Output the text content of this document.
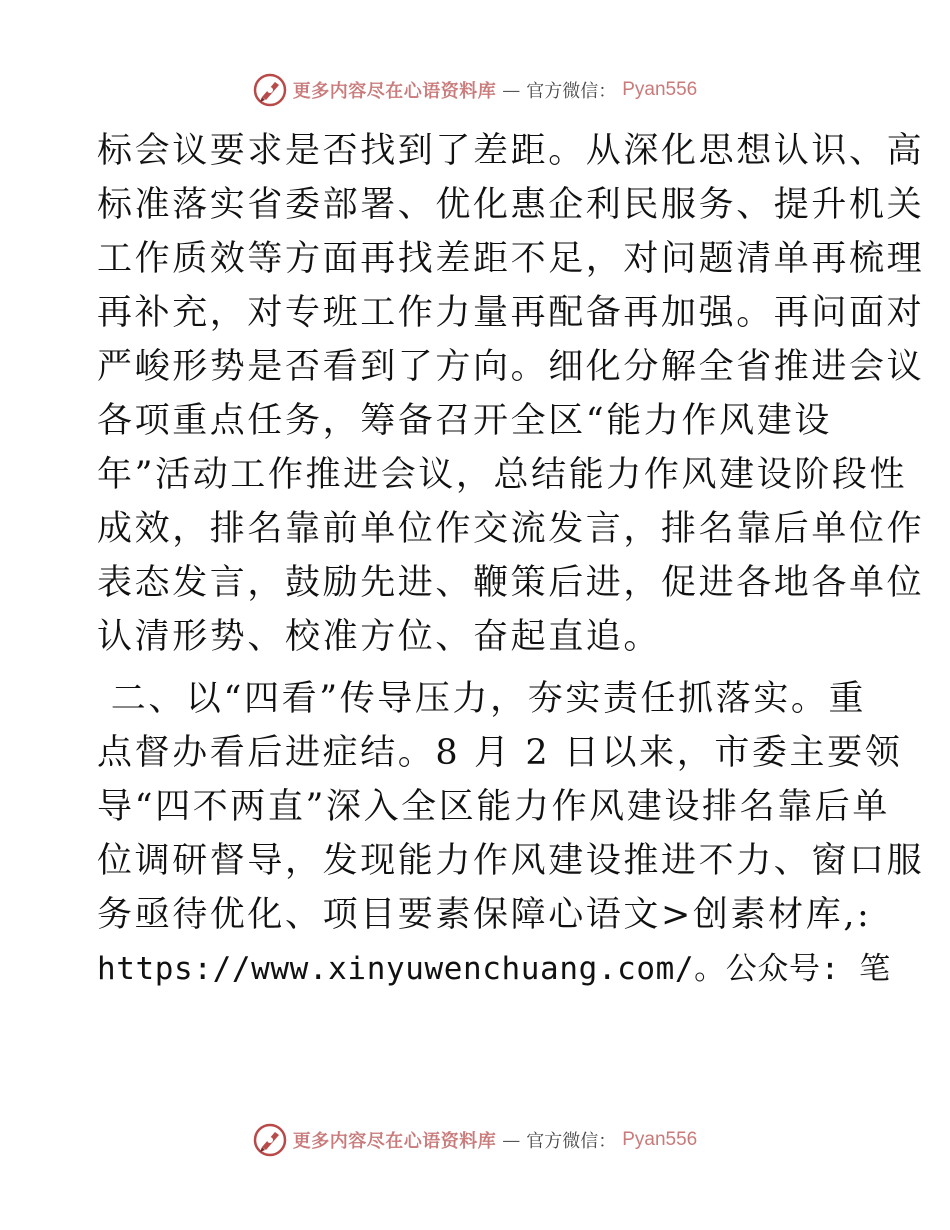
更多内容尽在心语资料库 — 官方微信： Pyan556
标会议要求是否找到了差距。从深化思想认识、高
标准落实省委部署、优化惠企利民服务、提升机关
工作质效等方面再找差距不足，对问题清单再梳理
再补充，对专班工作力量再配备再加强。再问面对
严峻形势是否看到了方向。细化分解全省推进会议
各项重点任务，筹备召开全区“能力作风建设
年”活动工作推进会议，总结能力作风建设阶段性
成效，排名靠前单位作交流发言，排名靠后单位作
表态发言，鼓励先进、鞭策后进，促进各地各单位
认清形势、校准方位、奋起直追。
二、以“四看”传导压力，夯实责任抓落实。重
点督办看后进症结。8 月 2 日以来，市委主要领
导“四不两直”深入全区能力作风建设排名靠后单
位调研督导，发现能力作风建设推进不力、窗口服
务亟待优化、项目要素保障心语文>创素材库,:
https://www.xinyuwenchuang.com/。公众号: 笔
更多内容尽在心语资料库 — 官方微信： Pyan556
